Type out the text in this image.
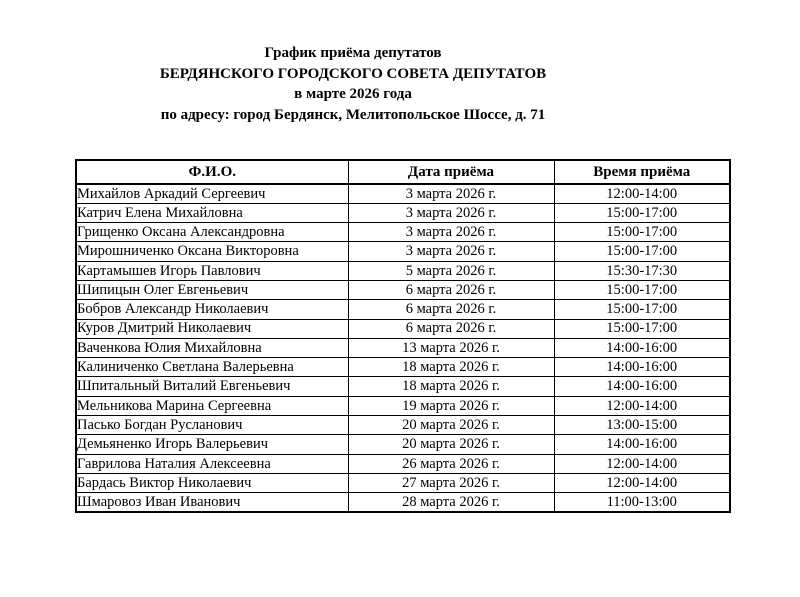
График приёма депутатов
БЕРДЯНСКОГО ГОРОДСКОГО СОВЕТА ДЕПУТАТОВ
в марте 2026 года
по адресу: город Бердянск, Мелитопольское Шоссе, д. 71
Ф.И.О.	Дата приёма	Время приёма
Михайлов Аркадий Сергеевич	3 марта 2026 г.	12:00-14:00
Катрич Елена Михайловна	3 марта 2026 г.	15:00-17:00
Грищенко Оксана Александровна	3 марта 2026 г.	15:00-17:00
Мирошниченко Оксана Викторовна	3 марта 2026 г.	15:00-17:00
Картамышев Игорь Павлович	5 марта 2026 г.	15:30-17:30
Шипицын Олег Евгеньевич	6 марта 2026 г.	15:00-17:00
Бобров Александр Николаевич	6 марта 2026 г.	15:00-17:00
Куров Дмитрий Николаевич	6 марта 2026 г.	15:00-17:00
Ваченкова Юлия Михайловна	13 марта 2026 г.	14:00-16:00
Калиниченко Светлана Валерьевна	18 марта 2026 г.	14:00-16:00
Шпитальный Виталий Евгеньевич	18 марта 2026 г.	14:00-16:00
Мельникова Марина Сергеевна	19 марта 2026 г.	12:00-14:00
Пасько Богдан Русланович	20 марта 2026 г.	13:00-15:00
Демьяненко Игорь Валерьевич	20 марта 2026 г.	14:00-16:00
Гаврилова Наталия Алексеевна	26 марта 2026 г.	12:00-14:00
Бардась Виктор Николаевич	27 марта 2026 г.	12:00-14:00
Шмаровоз Иван Иванович	28 марта 2026 г.	11:00-13:00
